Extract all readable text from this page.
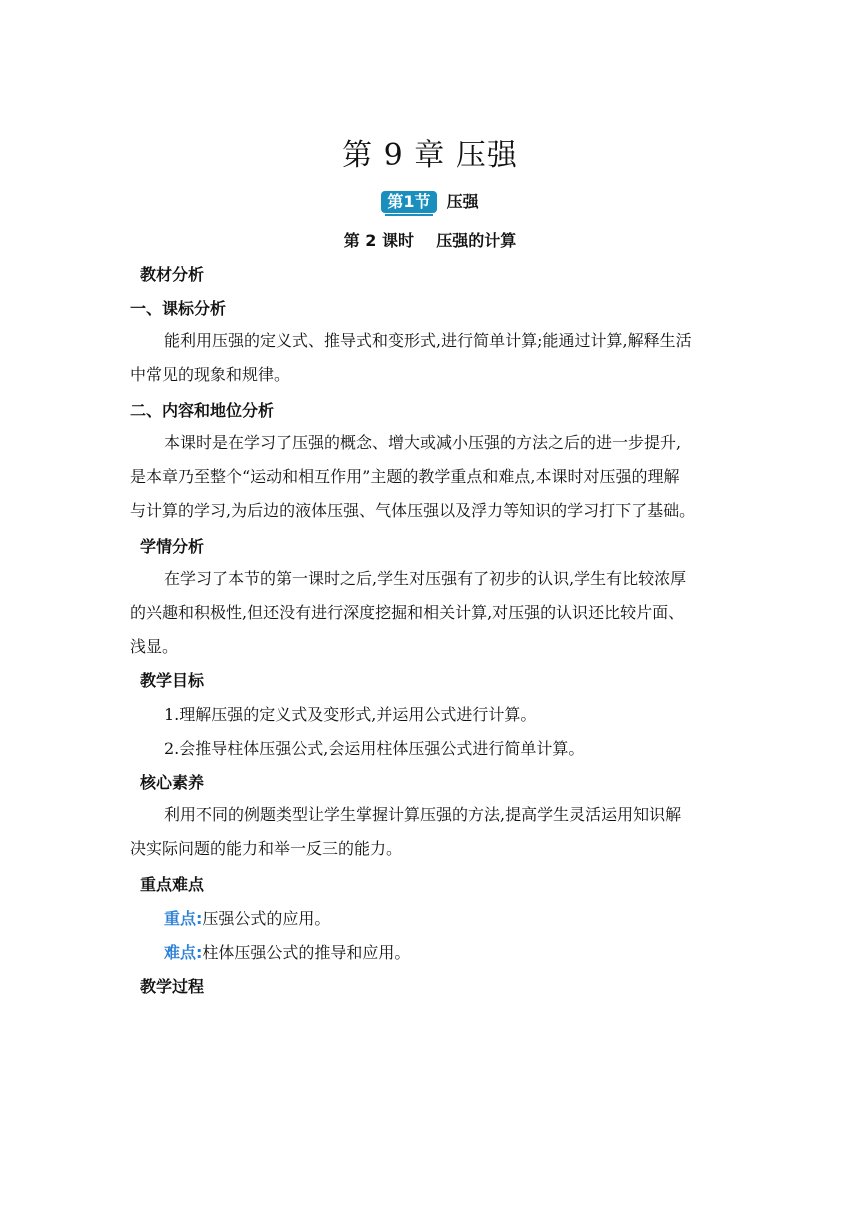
第 9 章 压强
第1节	压强
第 2 课时    压强的计算
教材分析
一、课标分析
能利用压强的定义式、推导式和变形式,进行简单计算;能通过计算,解释生活
中常见的现象和规律。
二、内容和地位分析
本课时是在学习了压强的概念、增大或减小压强的方法之后的进一步提升,
是本章乃至整个“运动和相互作用”主题的教学重点和难点,本课时对压强的理解
与计算的学习,为后边的液体压强、气体压强以及浮力等知识的学习打下了基础。
学情分析
在学习了本节的第一课时之后,学生对压强有了初步的认识,学生有比较浓厚
的兴趣和积极性,但还没有进行深度挖掘和相关计算,对压强的认识还比较片面、
浅显。
教学目标
1.理解压强的定义式及变形式,并运用公式进行计算。
2.会推导柱体压强公式,会运用柱体压强公式进行简单计算。
核心素养
利用不同的例题类型让学生掌握计算压强的方法,提高学生灵活运用知识解
决实际问题的能力和举一反三的能力。
重点难点
重点:压强公式的应用。
难点:柱体压强公式的推导和应用。
教学过程
